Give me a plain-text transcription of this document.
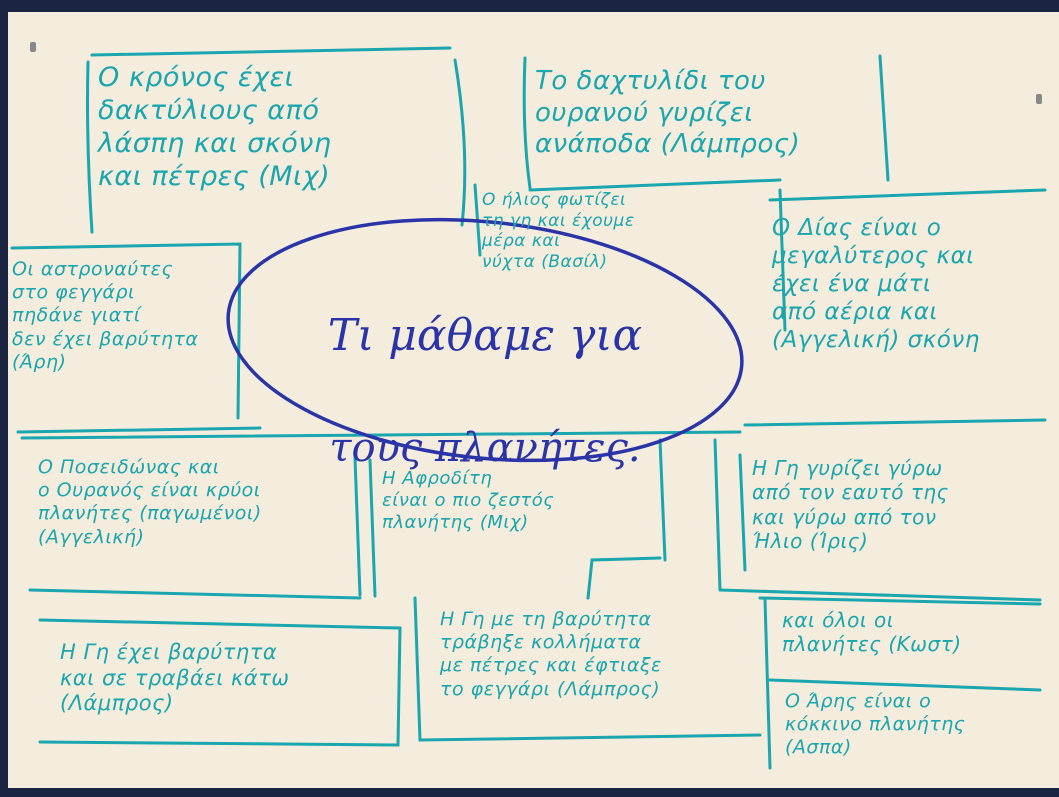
Τι μάθαμε για

τους πλανήτες.

Ο κρόνος έχει
δακτύλιους από
λάσπη και σκόνη
και πέτρες (Μιχ)
Το δαχτυλίδι του
ουρανού γυρίζει
ανάποδα (Λάμπρος)
Ο ήλιος φωτίζει
τη γη και έχουμε
μέρα και
νύχτα (Βασίλ)
Ο Δίας είναι ο
μεγαλύτερος και
έχει ένα μάτι
από αέρια και
(Αγγελική) σκόνη
Οι αστροναύτες
στο φεγγάρι
πηδάνε γιατί
δεν έχει βαρύτητα
(Άρη)
Ο Ποσειδώνας και
ο Ουρανός είναι κρύοι
πλανήτες (παγωμένοι)
(Αγγελική)
Η Αφροδίτη
είναι ο πιο ζεστός
πλανήτης (Μιχ)
Η Γη γυρίζει γύρω
από τον εαυτό της
και γύρω από τον
Ήλιο (Ίρις)
Η Γη έχει βαρύτητα
και σε τραβάει κάτω
(Λάμπρος)
Η Γη με τη βαρύτητα
τράβηξε κολλήματα
με πέτρες και έφτιαξε
το φεγγάρι (Λάμπρος)
και όλοι οι
πλανήτες (Κωστ)
Ο Άρης είναι ο
κόκκινο πλανήτης
(Ασπα)
